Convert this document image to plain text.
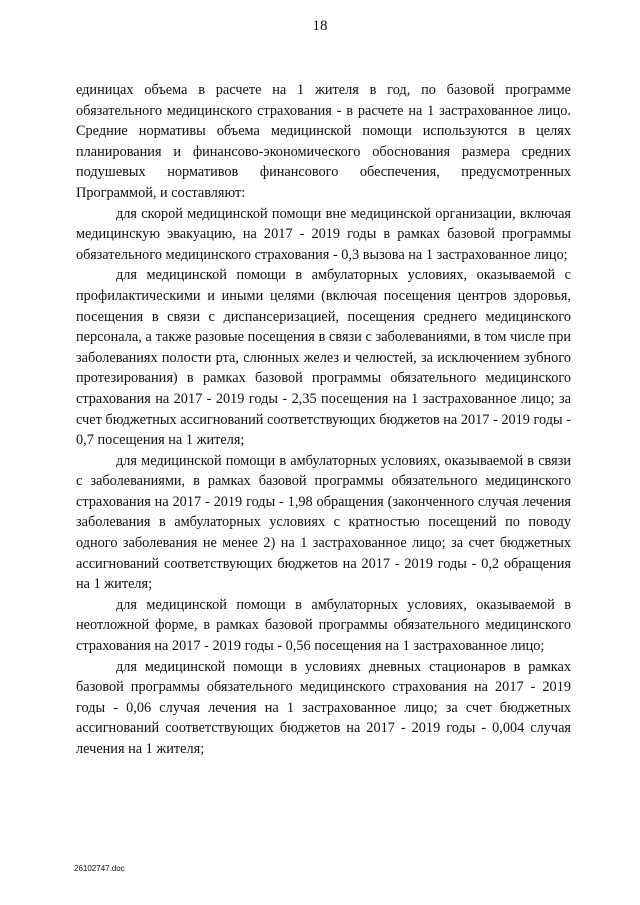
18

единицах объема в расчете на 1 жителя в год, по базовой программе обязательного медицинского страхования - в расчете на 1 застрахованное лицо. Средние нормативы объема медицинской помощи используются в целях планирования и финансово-экономического обоснования размера средних подушевых нормативов финансового обеспечения, предусмотренных Программой, и составляют:

для скорой медицинской помощи вне медицинской организации, включая медицинскую эвакуацию, на 2017 - 2019 годы в рамках базовой программы обязательного медицинского страхования - 0,3 вызова на 1 застрахованное лицо;

для медицинской помощи в амбулаторных условиях, оказываемой с профилактическими и иными целями (включая посещения центров здоровья, посещения в связи с диспансеризацией, посещения среднего медицинского персонала, а также разовые посещения в связи с заболеваниями, в том числе при заболеваниях полости рта, слюнных желез и челюстей, за исключением зубного протезирования) в рамках базовой программы обязательного медицинского страхования на 2017 - 2019 годы - 2,35 посещения на 1 застрахованное лицо; за счет бюджетных ассигнований соответствующих бюджетов на 2017 - 2019 годы - 0,7 посещения на 1 жителя;

для медицинской помощи в амбулаторных условиях, оказываемой в связи с заболеваниями, в рамках базовой программы обязательного медицинского страхования на 2017 - 2019 годы - 1,98 обращения (законченного случая лечения заболевания в амбулаторных условиях с кратностью посещений по поводу одного заболевания не менее 2) на 1 застрахованное лицо; за счет бюджетных ассигнований соответствующих бюджетов на 2017 - 2019 годы - 0,2 обращения на 1 жителя;

для медицинской помощи в амбулаторных условиях, оказываемой в неотложной форме, в рамках базовой программы обязательного медицинского страхования на 2017 - 2019 годы - 0,56 посещения на 1 застрахованное лицо;

для медицинской помощи в условиях дневных стационаров в рамках базовой программы обязательного медицинского страхования на 2017 - 2019 годы - 0,06 случая лечения на 1 застрахованное лицо; за счет бюджетных ассигнований соответствующих бюджетов на 2017 - 2019 годы - 0,004 случая лечения на 1 жителя;

26102747.doc
